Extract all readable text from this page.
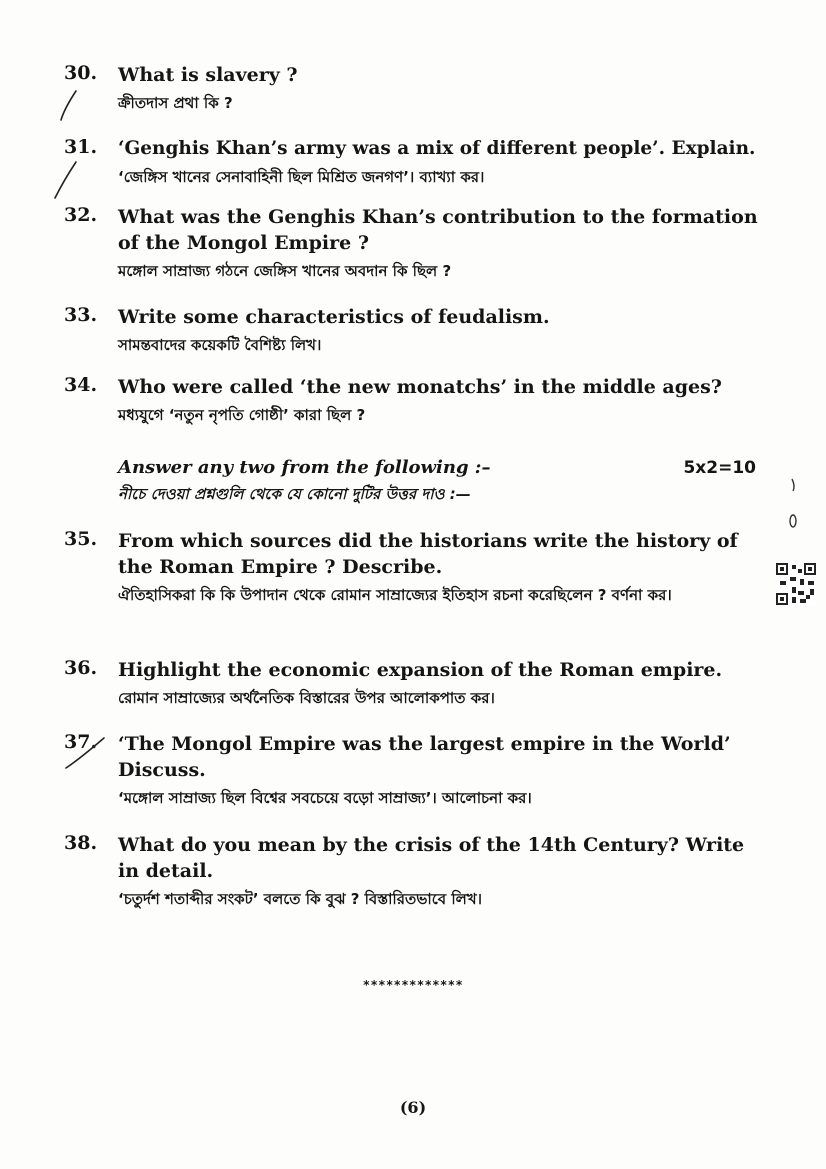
30.	What is slavery ?
ক্রীতদাস প্রথা কি ?
31.	‘Genghis Khan’s army was a mix of different people’. Explain.
‘জেঙ্গিস খানের সেনাবাহিনী ছিল মিশ্রিত জনগণ’। ব্যাখ্যা কর।
32.	What was the Genghis Khan’s contribution to the formation of the Mongol Empire ?
মঙ্গোল সাম্রাজ্য গঠনে জেঙ্গিস খানের অবদান কি ছিল ?
33.	Write some characteristics of feudalism.
সামন্তবাদের কয়েকটি বৈশিষ্ট্য লিখ।
34.	Who were called ‘the new monatchs’ in the middle ages?
মধ্যযুগে ‘নতুন নৃপতি গোষ্ঠী’ কারা ছিল ?
Answer any two from the following :–	5x2=10
নীচে দেওয়া প্রশ্নগুলি থেকে যে কোনো দুটির উত্তর দাও :—
35.	From which sources did the historians write the history of the Roman Empire ? Describe.
ঐতিহাসিকরা কি কি উপাদান থেকে রোমান সাম্রাজ্যের ইতিহাস রচনা করেছিলেন ? বর্ণনা কর।
36.	Highlight the economic expansion of the Roman empire.
রোমান সাম্রাজ্যের অর্থনৈতিক বিস্তারের উপর আলোকপাত কর।
37.	‘The Mongol Empire was the largest empire in the World’ Discuss.
‘মঙ্গোল সাম্রাজ্য ছিল বিশ্বের সবচেয়ে বড়ো সাম্রাজ্য’। আলোচনা কর।
38.	What do you mean by the crisis of the 14th Century? Write in detail.
‘চতুর্দশ শতাব্দীর সংকট’ বলতে কি বুঝ ? বিস্তারিতভাবে লিখ।
*************
(6)
